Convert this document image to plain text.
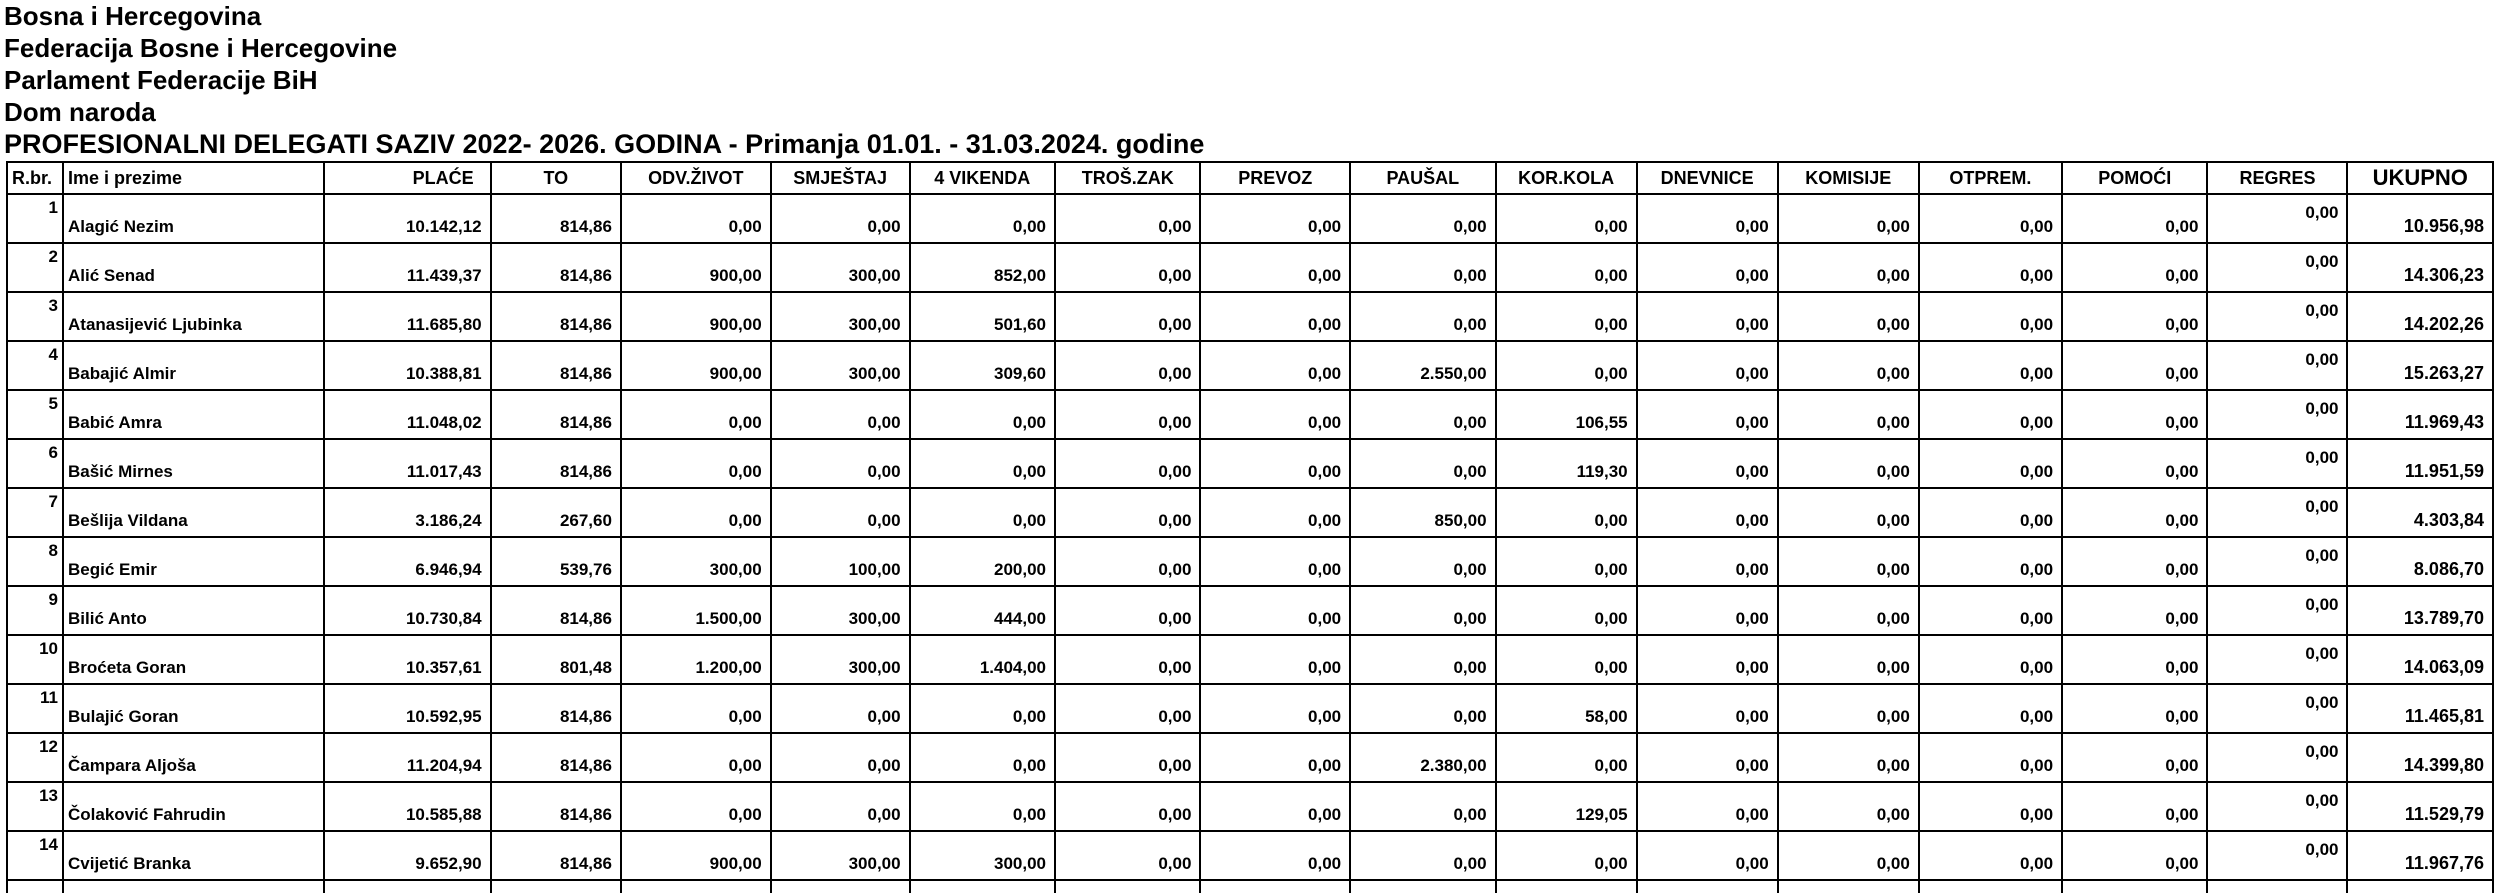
Bosna i Hercegovina
Federacija Bosne i Hercegovine
Parlament Federacije BiH
Dom naroda
PROFESIONALNI DELEGATI SAZIV 2022- 2026. GODINA - Primanja 01.01. - 31.03.2024. godine
R.br.	Ime i prezime	PLAĆE	TO	ODV.ŽIVOT	SMJEŠTAJ	4 VIKENDA	TROŠ.ZAK	PREVOZ	PAUŠAL	KOR.KOLA	DNEVNICE	KOMISIJE	OTPREM.	POMOĆI	REGRES	UKUPNO
1	Alagić Nezim	10.142,12	814,86	0,00	0,00	0,00	0,00	0,00	0,00	0,00	0,00	0,00	0,00	0,00	0,00	10.956,98
2	Alić Senad	11.439,37	814,86	900,00	300,00	852,00	0,00	0,00	0,00	0,00	0,00	0,00	0,00	0,00	0,00	14.306,23
3	Atanasijević Ljubinka	11.685,80	814,86	900,00	300,00	501,60	0,00	0,00	0,00	0,00	0,00	0,00	0,00	0,00	0,00	14.202,26
4	Babajić Almir	10.388,81	814,86	900,00	300,00	309,60	0,00	0,00	2.550,00	0,00	0,00	0,00	0,00	0,00	0,00	15.263,27
5	Babić Amra	11.048,02	814,86	0,00	0,00	0,00	0,00	0,00	0,00	106,55	0,00	0,00	0,00	0,00	0,00	11.969,43
6	Bašić Mirnes	11.017,43	814,86	0,00	0,00	0,00	0,00	0,00	0,00	119,30	0,00	0,00	0,00	0,00	0,00	11.951,59
7	Bešlija Vildana	3.186,24	267,60	0,00	0,00	0,00	0,00	0,00	850,00	0,00	0,00	0,00	0,00	0,00	0,00	4.303,84
8	Begić Emir	6.946,94	539,76	300,00	100,00	200,00	0,00	0,00	0,00	0,00	0,00	0,00	0,00	0,00	0,00	8.086,70
9	Bilić Anto	10.730,84	814,86	1.500,00	300,00	444,00	0,00	0,00	0,00	0,00	0,00	0,00	0,00	0,00	0,00	13.789,70
10	Broćeta Goran	10.357,61	801,48	1.200,00	300,00	1.404,00	0,00	0,00	0,00	0,00	0,00	0,00	0,00	0,00	0,00	14.063,09
11	Bulajić Goran	10.592,95	814,86	0,00	0,00	0,00	0,00	0,00	0,00	58,00	0,00	0,00	0,00	0,00	0,00	11.465,81
12	Čampara Aljoša	11.204,94	814,86	0,00	0,00	0,00	0,00	0,00	2.380,00	0,00	0,00	0,00	0,00	0,00	0,00	14.399,80
13	Čolaković Fahrudin	10.585,88	814,86	0,00	0,00	0,00	0,00	0,00	0,00	129,05	0,00	0,00	0,00	0,00	0,00	11.529,79
14	Cvijetić Branka	9.652,90	814,86	900,00	300,00	300,00	0,00	0,00	0,00	0,00	0,00	0,00	0,00	0,00	0,00	11.967,76
